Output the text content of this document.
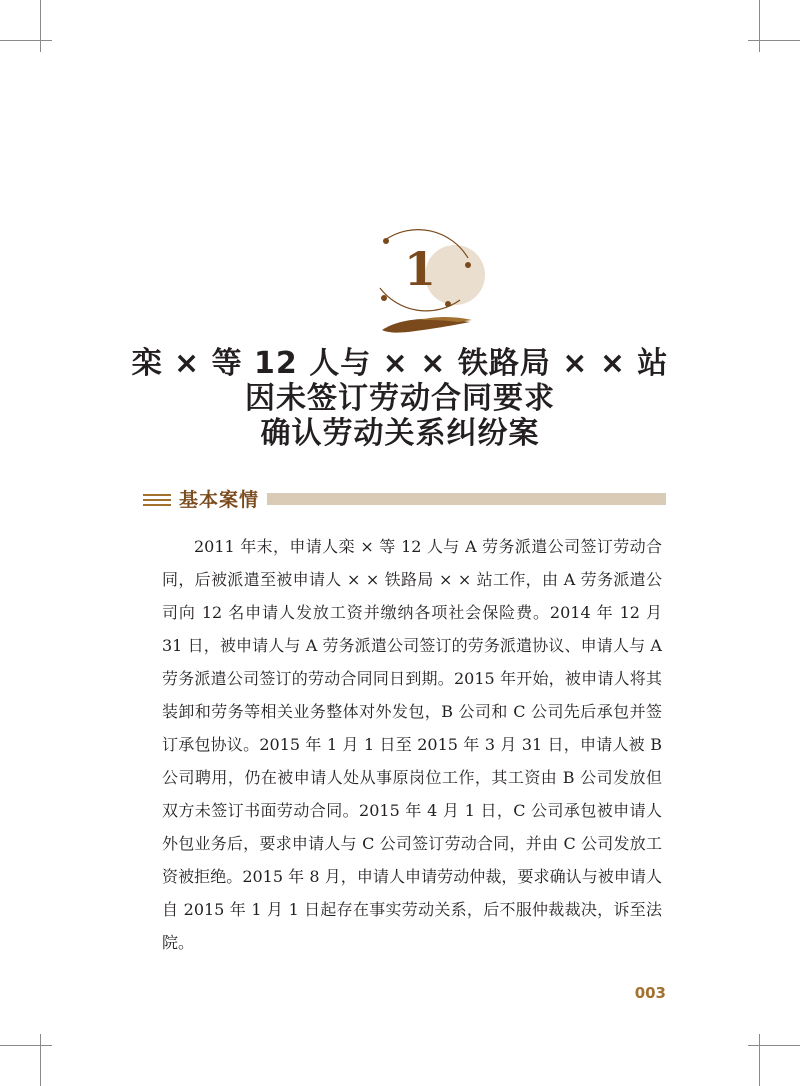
1
栾 × 等 12 人与 × × 铁路局 × × 站
因未签订劳动合同要求
确认劳动关系纠纷案
基本案情

2011 年末，申请人栾 × 等 12 人与 A 劳务派遣公司签订劳动合同，后被派遣至被申请人 × × 铁路局 × × 站工作，由 A 劳务派遣公司向 12 名申请人发放工资并缴纳各项社会保险费。2014 年 12 月 31 日，被申请人与 A 劳务派遣公司签订的劳务派遣协议、申请人与 A 劳务派遣公司签订的劳动合同同日到期。2015 年开始，被申请人将其装卸和劳务等相关业务整体对外发包，B 公司和 C 公司先后承包并签订承包协议。2015 年 1 月 1 日至 2015 年 3 月 31 日，申请人被 B 公司聘用，仍在被申请人处从事原岗位工作，其工资由 B 公司发放但双方未签订书面劳动合同。2015 年 4 月 1 日，C 公司承包被申请人外包业务后，要求申请人与 C 公司签订劳动合同，并由 C 公司发放工资被拒绝。2015 年 8 月，申请人申请劳动仲裁，要求确认与被申请人自 2015 年 1 月 1 日起存在事实劳动关系，后不服仲裁裁决，诉至法院。

003
